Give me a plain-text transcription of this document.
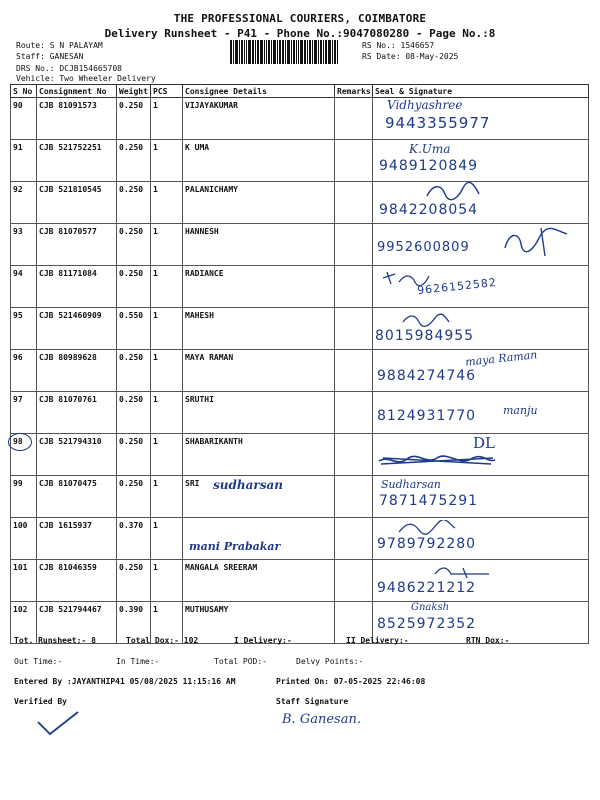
THE PROFESSIONAL COURIERS, COIMBATORE
Delivery Runsheet - P41 - Phone No.:9047080280 - Page No.:8
Route: S N PALAYAM
Staff: GANESAN
DRS No.: DCJB154665708
Vehicle: Two Wheeler Delivery
RS No.: 1546657
RS Date: 08-May-2025
S No	Consignment No	Weight	PCS	Consignee Details	Remarks	Seal & Signature
90	CJB 81091573	0.250	1	VIJAYAKUMAR		Vidhyashree
9443355977

91	CJB 521752251	0.250	1	K UMA		K.Uma
9489120849

92	CJB 521810545	0.250	1	PALANICHAMY		9842208054

93	CJB 81070577	0.250	1	HANNESH		9952600809

94	CJB 81171084	0.250	1	RADIANCE		9626152582

95	CJB 521460909	0.550	1	MAHESH		8015984955

96	CJB 80989628	0.250	1	MAYA RAMAN		maya Raman
9884274746

97	CJB 81070761	0.250	1	SRUTHI		8124931770 manju

98	CJB 521794310	0.250	1	SHABARIKANTH		DL

99	CJB 81070475	0.250	1	SRI sudharsan		Sudharsan
7871475291

100	CJB 1615937	0.370	1	mani Prabakar		9789792280

101	CJB 81046359	0.250	1	MANGALA SREERAM		9486221212

102	CJB 521794467	0.390	1	MUTHUSAMY		Gnaksh
8525972352
Tot. Runsheet:- 8	Total Dox:- 102	I Delivery:-	II Delivery:-	RTN Dox:-
Out Time:-	In Time:-	Total POD:-	Delvy Points:-
Entered By :JAYANTHIP41 05/08/2025 11:15:16 AM	Printed On: 07-05-2025 22:46:08
Verified By	Staff Signature
B. Ganesan.
